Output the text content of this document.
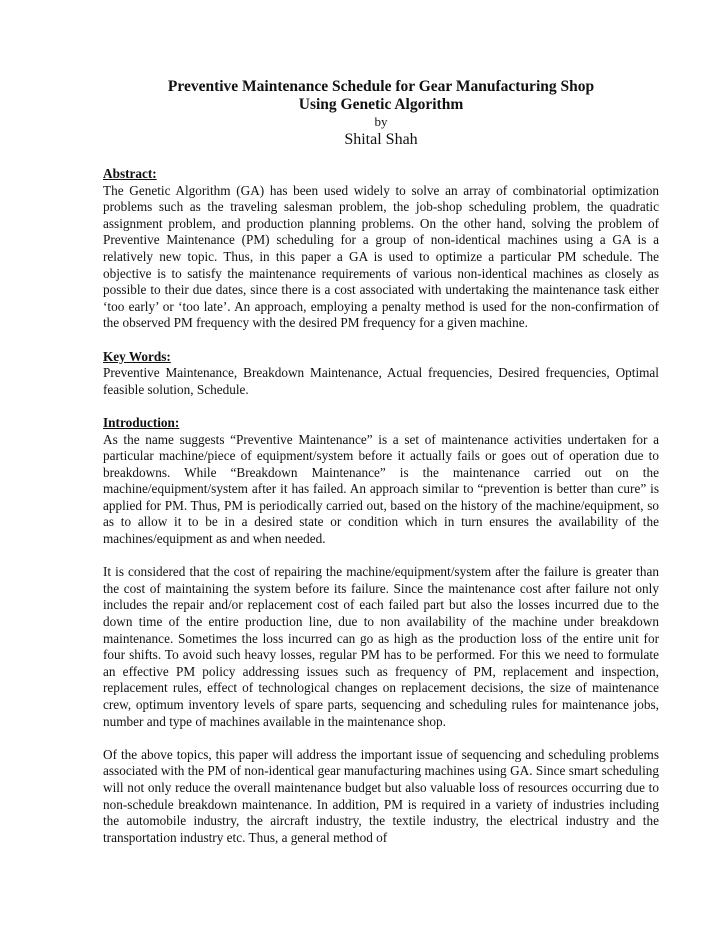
Preventive Maintenance Schedule for Gear Manufacturing Shop
Using Genetic Algorithm
by
Shital Shah
Abstract:

The Genetic Algorithm (GA) has been used widely to solve an array of combinatorial optimization problems such as the traveling salesman problem, the job-shop scheduling problem, the quadratic assignment problem, and production planning problems. On the other hand, solving the problem of Preventive Maintenance (PM) scheduling for a group of non-identical machines using a GA is a relatively new topic. Thus, in this paper a GA is used to optimize a particular PM schedule. The objective is to satisfy the maintenance requirements of various non-identical machines as closely as possible to their due dates, since there is a cost associated with undertaking the maintenance task either ‘too early’ or ‘too late’. An approach, employing a penalty method is used for the non-confirmation of the observed PM frequency with the desired PM frequency for a given machine.

Key Words:

Preventive Maintenance, Breakdown Maintenance, Actual frequencies, Desired frequencies, Optimal feasible solution, Schedule.

Introduction:

As the name suggests “Preventive Maintenance” is a set of maintenance activities undertaken for a particular machine/piece of equipment/system before it actually fails or goes out of operation due to breakdowns. While “Breakdown Maintenance” is the maintenance carried out on the machine/equipment/system after it has failed. An approach similar to “prevention is better than cure” is applied for PM. Thus, PM is periodically carried out, based on the history of the machine/equipment, so as to allow it to be in a desired state or condition which in turn ensures the availability of the machines/equipment as and when needed.

It is considered that the cost of repairing the machine/equipment/system after the failure is greater than the cost of maintaining the system before its failure. Since the maintenance cost after failure not only includes the repair and/or replacement cost of each failed part but also the losses incurred due to the down time of the entire production line, due to non availability of the machine under breakdown maintenance. Sometimes the loss incurred can go as high as the production loss of the entire unit for four shifts. To avoid such heavy losses, regular PM has to be performed. For this we need to formulate an effective PM policy addressing issues such as frequency of PM, replacement and inspection, replacement rules, effect of technological changes on replacement decisions, the size of maintenance crew, optimum inventory levels of spare parts, sequencing and scheduling rules for maintenance jobs, number and type of machines available in the maintenance shop.

Of the above topics, this paper will address the important issue of sequencing and scheduling problems associated with the PM of non-identical gear manufacturing machines using GA. Since smart scheduling will not only reduce the overall maintenance budget but also valuable loss of resources occurring due to non-schedule breakdown maintenance. In addition, PM is required in a variety of industries including the automobile industry, the aircraft industry, the textile industry, the electrical industry and the transportation industry etc. Thus, a general method of
